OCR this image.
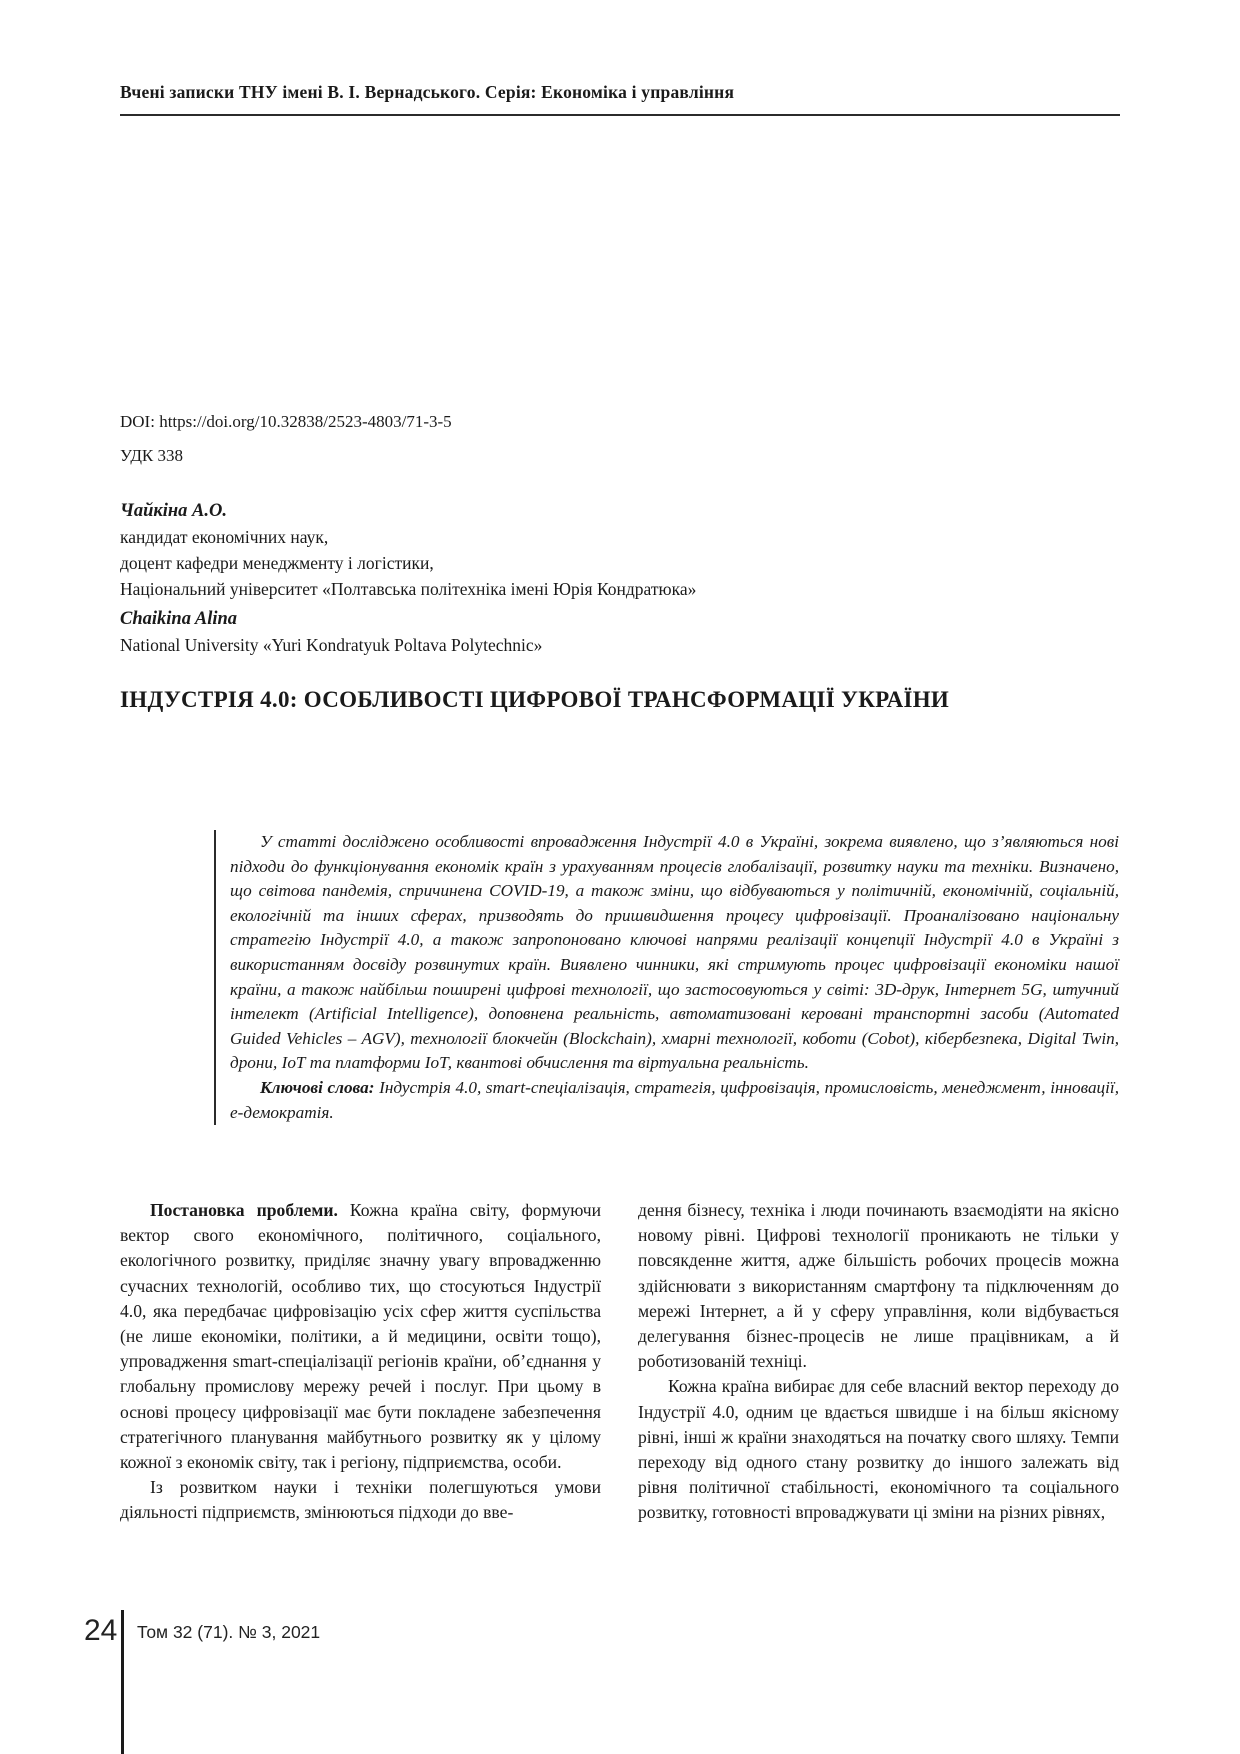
Вчені записки ТНУ імені В. І. Вернадського. Серія: Економіка і управління
DOI: https://doi.org/10.32838/2523-4803/71-3-5
УДК 338

Чайкіна А.О.

кандидат економічних наук,

доцент кафедри менеджменту і логістики,

Національний університет «Полтавська політехніка імені Юрія Кондратюка»

Chaikina Alina

National University «Yuri Kondratyuk Poltava Polytechnic»

ІНДУСТРІЯ 4.0: ОСОБЛИВОСТІ ЦИФРОВОЇ ТРАНСФОРМАЦІЇ УКРАЇНИ

У статті досліджено особливості впровадження Індустрії 4.0 в Україні, зокрема виявлено, що з’являються нові підходи до функціонування економік країн з урахуванням процесів глобалізації, розвитку науки та техніки. Визначено, що світова пандемія, спричинена COVID-19, а також зміни, що відбуваються у політичній, економічній, соціальній, екологічній та інших сферах, призводять до пришвидшення процесу цифровізації. Проаналізовано національну стратегію Індустрії 4.0, а також запропоновано ключові напрями реалізації концепції Індустрії 4.0 в Україні з використанням досвіду розвинутих країн. Виявлено чинники, які стримують процес цифровізації економіки нашої країни, а також найбільш поширені цифрові технології, що застосовуються у світі: 3D-друк, Інтернет 5G, штучний інтелект (Artificial Intelligence), доповнена реальність, автоматизовані керовані транспортні засоби (Automated Guided Vehicles – AGV), технології блокчейн (Blockchain), хмарні технології, коботи (Cobot), кібербезпека, Digital Twin, дрони, ІоТ та платформи ІоТ, квантові обчислення та віртуальна реальність.

Ключові слова: Індустрія 4.0, smart-спеціалізація, стратегія, цифровізація, промисловість, менеджмент, інновації, е-демократія.

Постановка проблеми. Кожна країна світу, формуючи вектор свого економічного, політичного, соціального, екологічного розвитку, приділяє значну увагу впровадженню сучасних технологій, особливо тих, що стосуються Індустрії 4.0, яка передбачає цифровізацію усіх сфер життя суспільства (не лише економіки, політики, а й медицини, освіти тощо), упровадження smart-спеціалізації регіонів країни, об’єднання у глобальну промислову мережу речей і послуг. При цьому в основі процесу цифровізації має бути покладене забезпечення стратегічного планування майбутнього розвитку як у цілому кожної з економік світу, так і регіону, підприємства, особи.

Із розвитком науки і техніки полегшуються умови діяльності підприємств, змінюються підходи до вве-

дення бізнесу, техніка і люди починають взаємодіяти на якісно новому рівні. Цифрові технології проникають не тільки у повсякденне життя, адже більшість робочих процесів можна здійснювати з використанням смартфону та підключенням до мережі Інтернет, а й у сферу управління, коли відбувається делегування бізнес-процесів не лише працівникам, а й роботизованій техніці.

Кожна країна вибирає для себе власний вектор переходу до Індустрії 4.0, одним це вдається швидше і на більш якісному рівні, інші ж країни знаходяться на початку свого шляху. Темпи переходу від одного стану розвитку до іншого залежать від рівня політичної стабільності, економічного та соціального розвитку, готовності впроваджувати ці зміни на різних рівнях,

24 Том 32 (71). № 3, 2021
